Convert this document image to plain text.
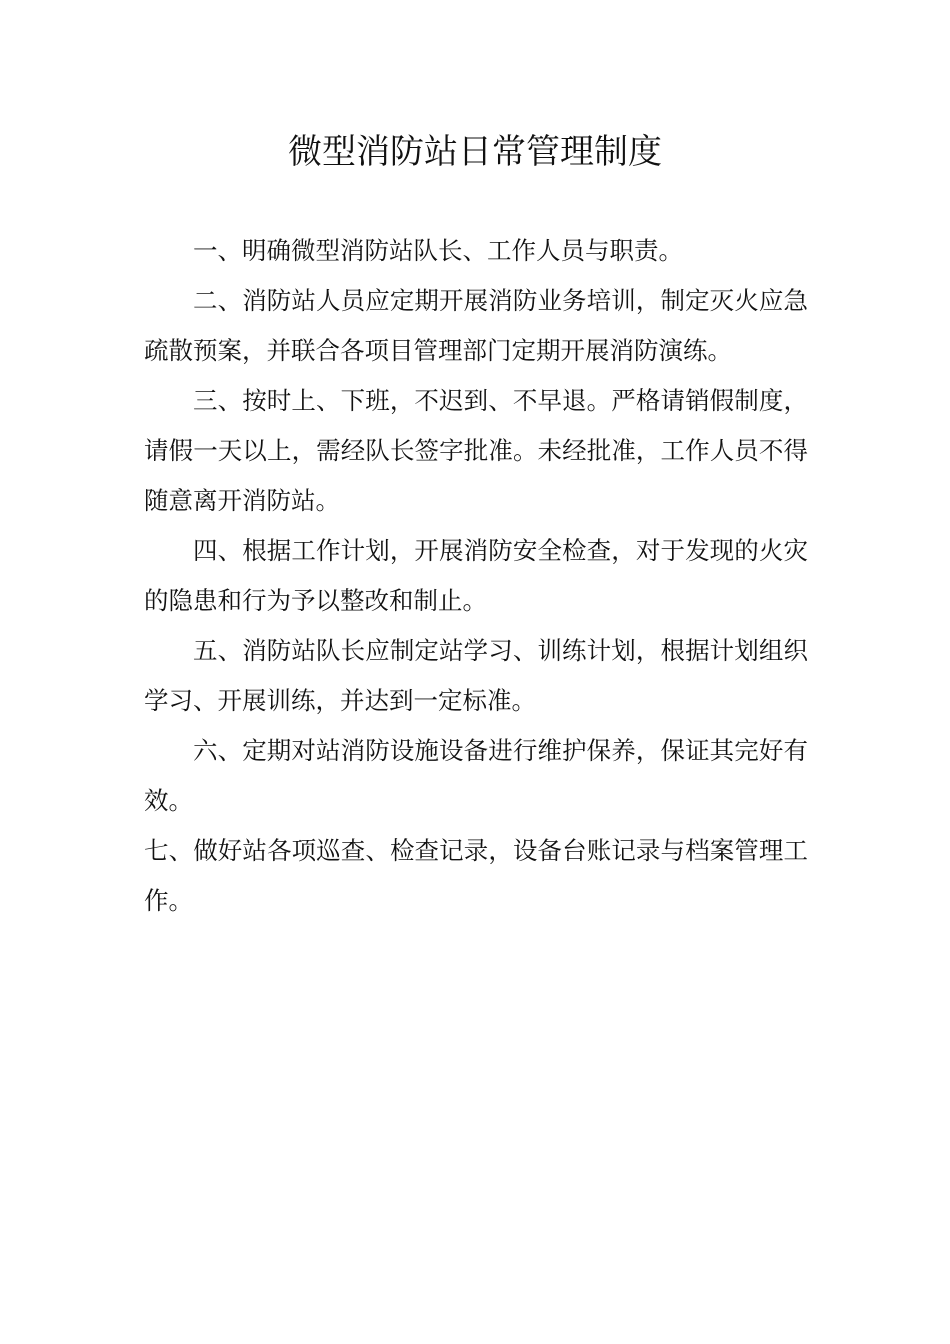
微型消防站日常管理制度

一、明确微型消防站队长、工作人员与职责。

二、消防站人员应定期开展消防业务培训，制定灭火应急疏散预案，并联合各项目管理部门定期开展消防演练。

三、按时上、下班，不迟到、不早退。严格请销假制度，请假一天以上，需经队长签字批准。未经批准，工作人员不得随意离开消防站。

四、根据工作计划，开展消防安全检查，对于发现的火灾的隐患和行为予以整改和制止。

五、消防站队长应制定站学习、训练计划，根据计划组织学习、开展训练，并达到一定标准。

六、定期对站消防设施设备进行维护保养，保证其完好有效。

七、做好站各项巡查、检查记录，设备台账记录与档案管理工作。
